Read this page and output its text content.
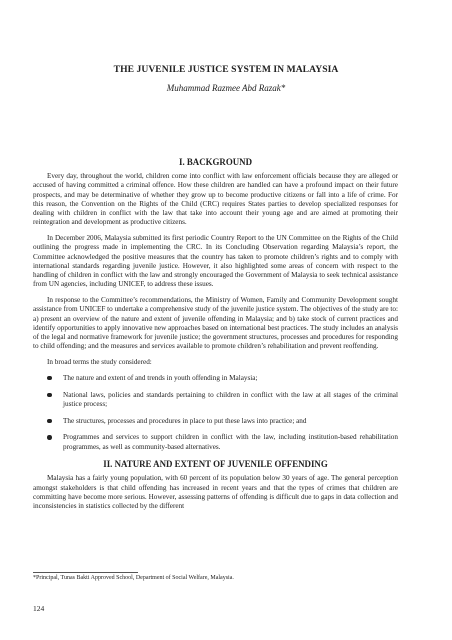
THE JUVENILE JUSTICE SYSTEM IN MALAYSIA
Muhammad Razmee Abd Razak*
I. BACKGROUND

Every day, throughout the world, children come into conflict with law enforcement officials because they are alleged or accused of having committed a criminal offence. How these children are handled can have a profound impact on their future prospects, and may be determinative of whether they grow up to become productive citizens or fall into a life of crime. For this reason, the Convention on the Rights of the Child (CRC) requires States parties to develop specialized responses for dealing with children in conflict with the law that take into account their young age and are aimed at promoting their reintegration and development as productive citizens.

In December 2006, Malaysia submitted its first periodic Country Report to the UN Committee on the Rights of the Child outlining the progress made in implementing the CRC. In its Concluding Observation regarding Malaysia’s report, the Committee acknowledged the positive measures that the country has taken to promote children’s rights and to comply with international standards regarding juvenile justice. However, it also highlighted some areas of concern with respect to the handling of children in conflict with the law and strongly encouraged the Government of Malaysia to seek technical assistance from UN agencies, including UNICEF, to address these issues.

In response to the Committee’s recommendations, the Ministry of Women, Family and Community Development sought assistance from UNICEF to undertake a comprehensive study of the juvenile justice system. The objectives of the study are to: a) present an overview of the nature and extent of juvenile offending in Malaysia; and b) take stock of current practices and identify opportunities to apply innovative new approaches based on international best practices. The study includes an analysis of the legal and normative framework for juvenile justice; the government structures, processes and procedures for responding to child offending; and the measures and services available to promote children’s rehabilitation and prevent reoffending.

In broad terms the study considered:

The nature and extent of and trends in youth offending in Malaysia;
National laws, policies and standards pertaining to children in conflict with the law at all stages of the criminal justice process;
The structures, processes and procedures in place to put these laws into practice; and
Programmes and services to support children in conflict with the law, including institution-based rehabilitation programmes, as well as community-based alternatives.
II. NATURE AND EXTENT OF JUVENILE OFFENDING

Malaysia has a fairly young population, with 60 percent of its population below 30 years of age. The general perception amongst stakeholders is that child offending has increased in recent years and that the types of crimes that children are committing have become more serious. However, assessing patterns of offending is difficult due to gaps in data collection and inconsistencies in statistics collected by the different

*Principal, Tunas Bakti Approved School, Department of Social Welfare, Malaysia.
124
